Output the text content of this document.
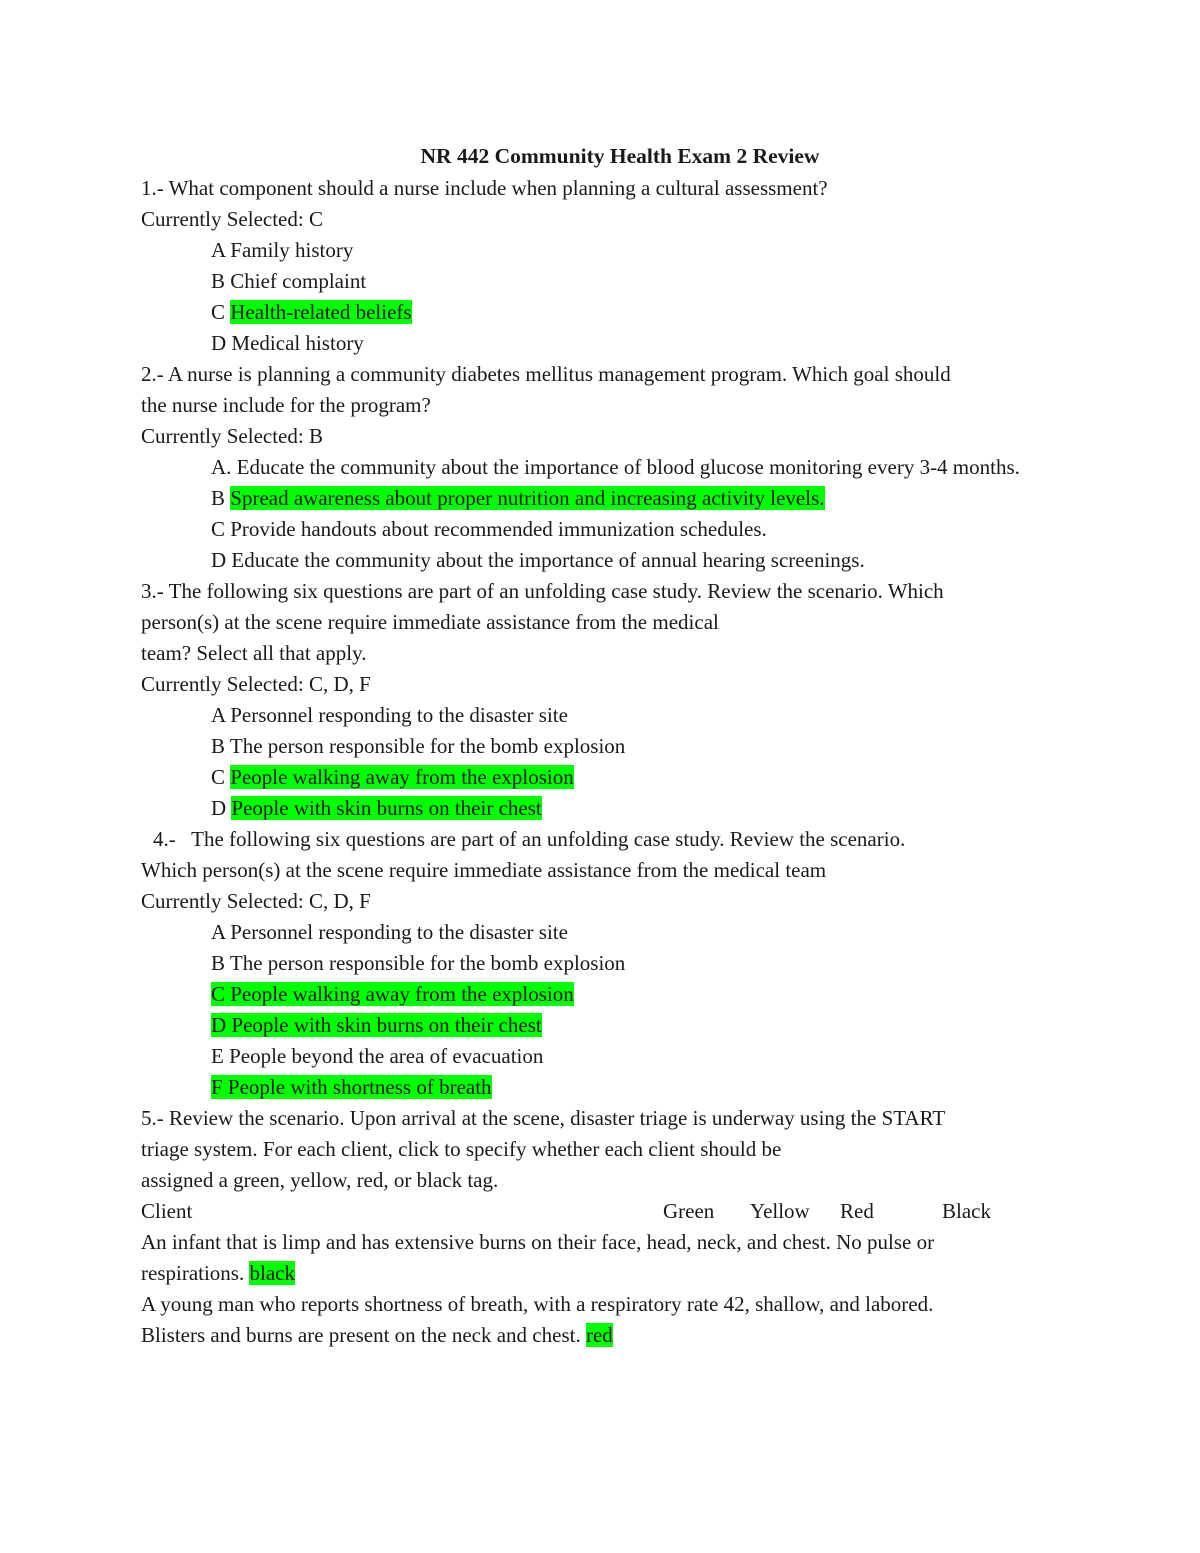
NR 442 Community Health Exam 2 Review
1.- What component should a nurse include when planning a cultural assessment?
Currently Selected: C
A Family history
B Chief complaint
C Health-related beliefs
D Medical history
2.- A nurse is planning a community diabetes mellitus management program. Which goal should
the nurse include for the program?
Currently Selected: B
A. Educate the community about the importance of blood glucose monitoring every 3-4 months.
B Spread awareness about proper nutrition and increasing activity levels.
C Provide handouts about recommended immunization schedules.
D Educate the community about the importance of annual hearing screenings.
3.- The following six questions are part of an unfolding case study. Review the scenario. Which
person(s) at the scene require immediate assistance from the medical
team? Select all that apply.
Currently Selected: C, D, F
A Personnel responding to the disaster site
B The person responsible for the bomb explosion
C People walking away from the explosion
D People with skin burns on their chest
4.-   The following six questions are part of an unfolding case study. Review the scenario.
Which person(s) at the scene require immediate assistance from the medical team
Currently Selected: C, D, F
A Personnel responding to the disaster site
B The person responsible for the bomb explosion
C People walking away from the explosion
D People with skin burns on their chest
E People beyond the area of evacuation
F People with shortness of breath
5.- Review the scenario. Upon arrival at the scene, disaster triage is underway using the START
triage system. For each client, click to specify whether each client should be
assigned a green, yellow, red, or black tag.
Client	Green Yellow Red	Black
An infant that is limp and has extensive burns on their face, head, neck, and chest. No pulse or
respirations. black
A young man who reports shortness of breath, with a respiratory rate 42, shallow, and labored.
Blisters and burns are present on the neck and chest. red
